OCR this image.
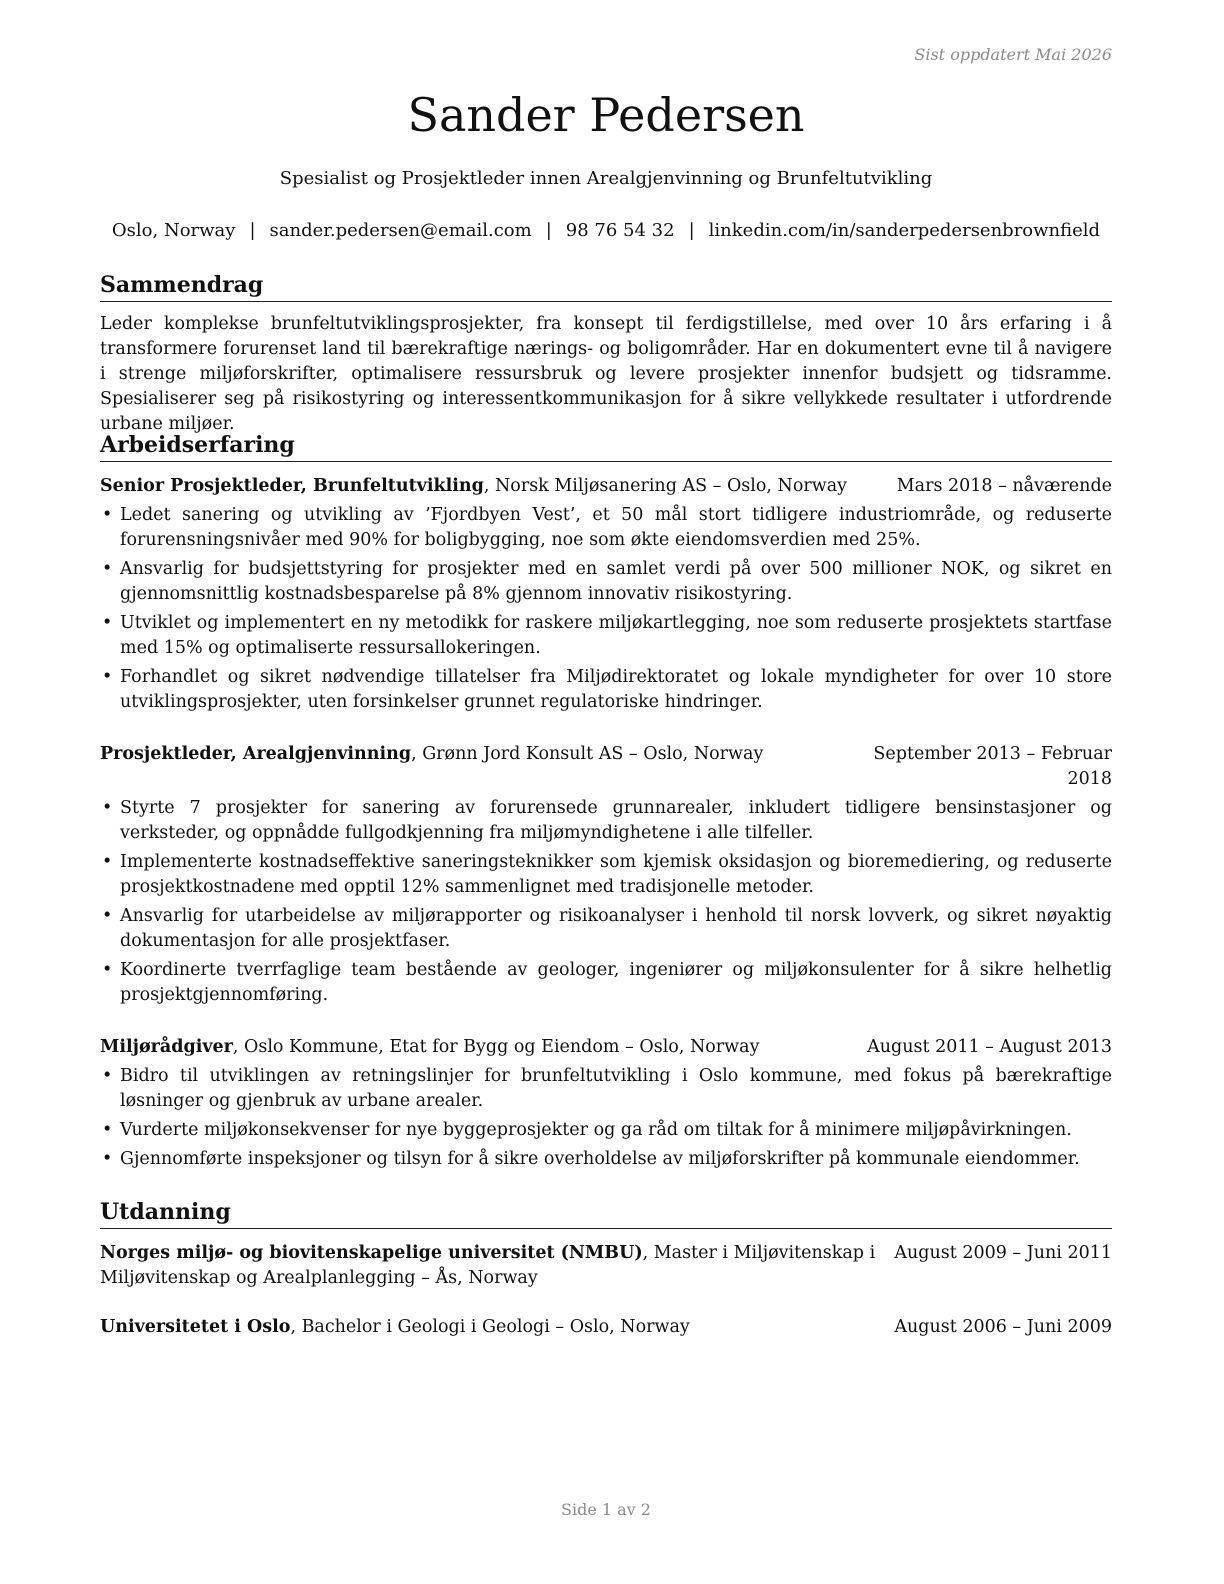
Sist oppdatert Mai 2026
Sander Pedersen
Spesialist og Prosjektleder innen Arealgjenvinning og Brunfeltutvikling
Oslo, Norway | sander.pedersen@email.com | 98 76 54 32 | linkedin.com/in/sanderpedersenbrownfield
Sammendrag

Leder komplekse brunfeltutviklingsprosjekter, fra konsept til ferdigstillelse, med over 10 års erfaring i å transformere forurenset land til bærekraftige nærings- og boligområder. Har en dokumentert evne til å navigere i strenge miljøforskrifter, optimalisere ressursbruk og levere prosjekter innenfor budsjett og tidsramme. Spesialiserer seg på risikostyring og interessentkommunikasjon for å sikre vellykkede resultater i utfordrende urbane miljøer.

Arbeidserfaring
Senior Prosjektleder, Brunfeltutvikling, Norsk Miljøsanering AS – Oslo, Norway	Mars 2018 – nåværende
• Ledet sanering og utvikling av ’Fjordbyen Vest’, et 50 mål stort tidligere industriområde, og reduserte forurensningsnivåer med 90% for boligbygging, noe som økte eiendomsverdien med 25%.
• Ansvarlig for budsjettstyring for prosjekter med en samlet verdi på over 500 millioner NOK, og sikret en gjennomsnittlig kostnadsbesparelse på 8% gjennom innovativ risikostyring.
• Utviklet og implementert en ny metodikk for raskere miljøkartlegging, noe som reduserte prosjektets startfase med 15% og optimaliserte ressursallokeringen.
• Forhandlet og sikret nødvendige tillatelser fra Miljødirektoratet og lokale myndigheter for over 10 store utviklingsprosjekter, uten forsinkelser grunnet regulatoriske hindringer.
Prosjektleder, Arealgjenvinning, Grønn Jord Konsult AS – Oslo, Norway	September 2013 – Februar
2018
• Styrte 7 prosjekter for sanering av forurensede grunnarealer, inkludert tidligere bensinstasjoner og verksteder, og oppnådde fullgodkjenning fra miljømyndighetene i alle tilfeller.
• Implementerte kostnadseffektive saneringsteknikker som kjemisk oksidasjon og bioremediering, og reduserte prosjektkostnadene med opptil 12% sammenlignet med tradisjonelle metoder.
• Ansvarlig for utarbeidelse av miljørapporter og risikoanalyser i henhold til norsk lovverk, og sikret nøyaktig dokumentasjon for alle prosjektfaser.
• Koordinerte tverrfaglige team bestående av geologer, ingeniører og miljøkonsulenter for å sikre helhetlig prosjektgjennomføring.
Miljørådgiver, Oslo Kommune, Etat for Bygg og Eiendom – Oslo, Norway	August 2011 – August 2013
• Bidro til utviklingen av retningslinjer for brunfeltutvikling i Oslo kommune, med fokus på bærekraftige løsninger og gjenbruk av urbane arealer.
• Vurderte miljøkonsekvenser for nye byggeprosjekter og ga råd om tiltak for å minimere miljøpåvirkningen.
• Gjennomførte inspeksjoner og tilsyn for å sikre overholdelse av miljøforskrifter på kommunale eiendommer.
Utdanning
Norges miljø- og biovitenskapelige universitet (NMBU), Master i Miljøvitenskap i Miljøvitenskap og Arealplanlegging – Ås, Norway
August 2009 – Juni 2011
Universitetet i Oslo, Bachelor i Geologi i Geologi – Oslo, Norway	August 2006 – Juni 2009
Side 1 av 2
